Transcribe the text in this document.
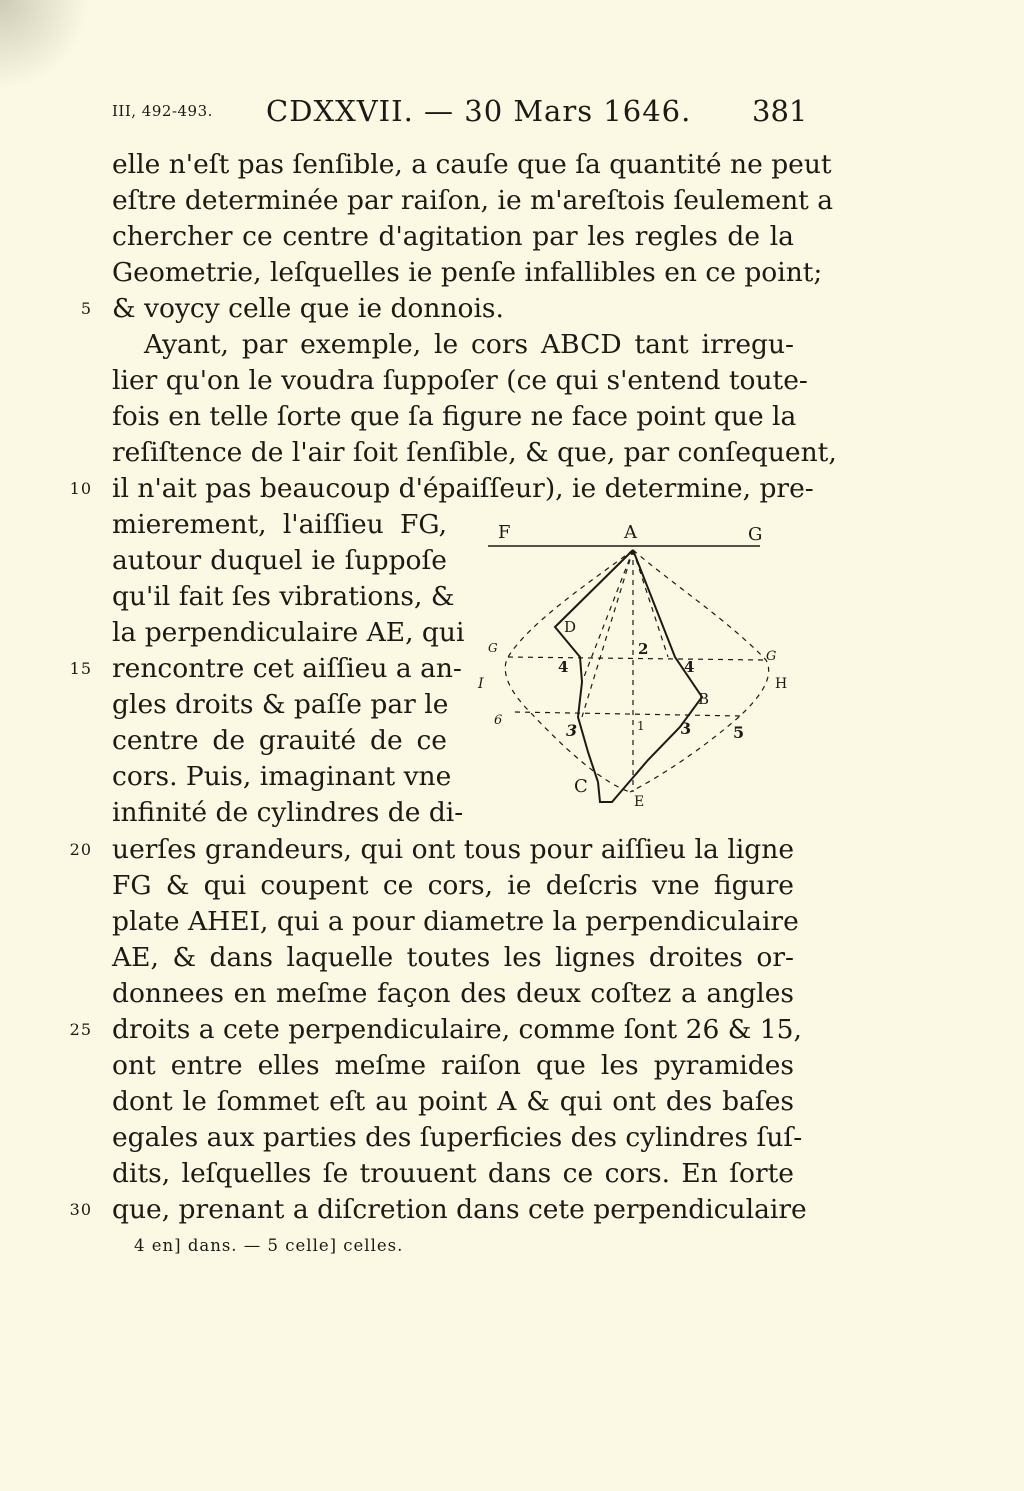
III, 492-493. CDXXVII. — 30 Mars 1646. 381
elle n'eſt pas ſenſible, a cauſe que ſa quantité ne peut
eſtre determinée par raiſon, ie m'areſtois ſeulement a
chercher ce centre d'agitation par les regles de la
Geometrie, leſquelles ie penſe infallibles en ce point;
& voycy celle que ie donnois.
Ayant, par exemple, le cors ABCD tant irregu-
lier qu'on le voudra ſuppoſer (ce qui s'entend toute-
fois en telle ſorte que ſa figure ne face point que la
reſiſtence de l'air ſoit ſenſible, & que, par conſequent,
il n'ait pas beaucoup d'épaiſſeur), ie determine, pre-
mierement, l'aiſſieu FG,
autour duquel ie ſuppoſe
qu'il fait ſes vibrations, &
la perpendiculaire AE, qui
rencontre cet aiſſieu a an-
gles droits & paſſe par le
centre de grauité de ce
cors. Puis, imaginant vne
infinité de cylindres de di-
uerſes grandeurs, qui ont tous pour aiſſieu la ligne
FG & qui coupent ce cors, ie deſcris vne figure
plate AHEI, qui a pour diametre la perpendiculaire
AE, & dans laquelle toutes les lignes droites or-
donnees en meſme façon des deux coſtez a angles
droits a cete perpendiculaire, comme ſont 26 & 15,
ont entre elles meſme raiſon que les pyramides
dont le ſommet eſt au point A & qui ont des baſes
egales aux parties des ſuperficies des cylindres ſuſ-
dits, leſquelles ſe trouuent dans ce cors. En ſorte
que, prenant a diſcretion dans cete perpendiculaire
5
10
15
20
25
30
F	A	G
D
G
G
I	H
2
4	4
B
6
3	1 3	5
C
E
4 en] dans. — 5 celle] celles.
